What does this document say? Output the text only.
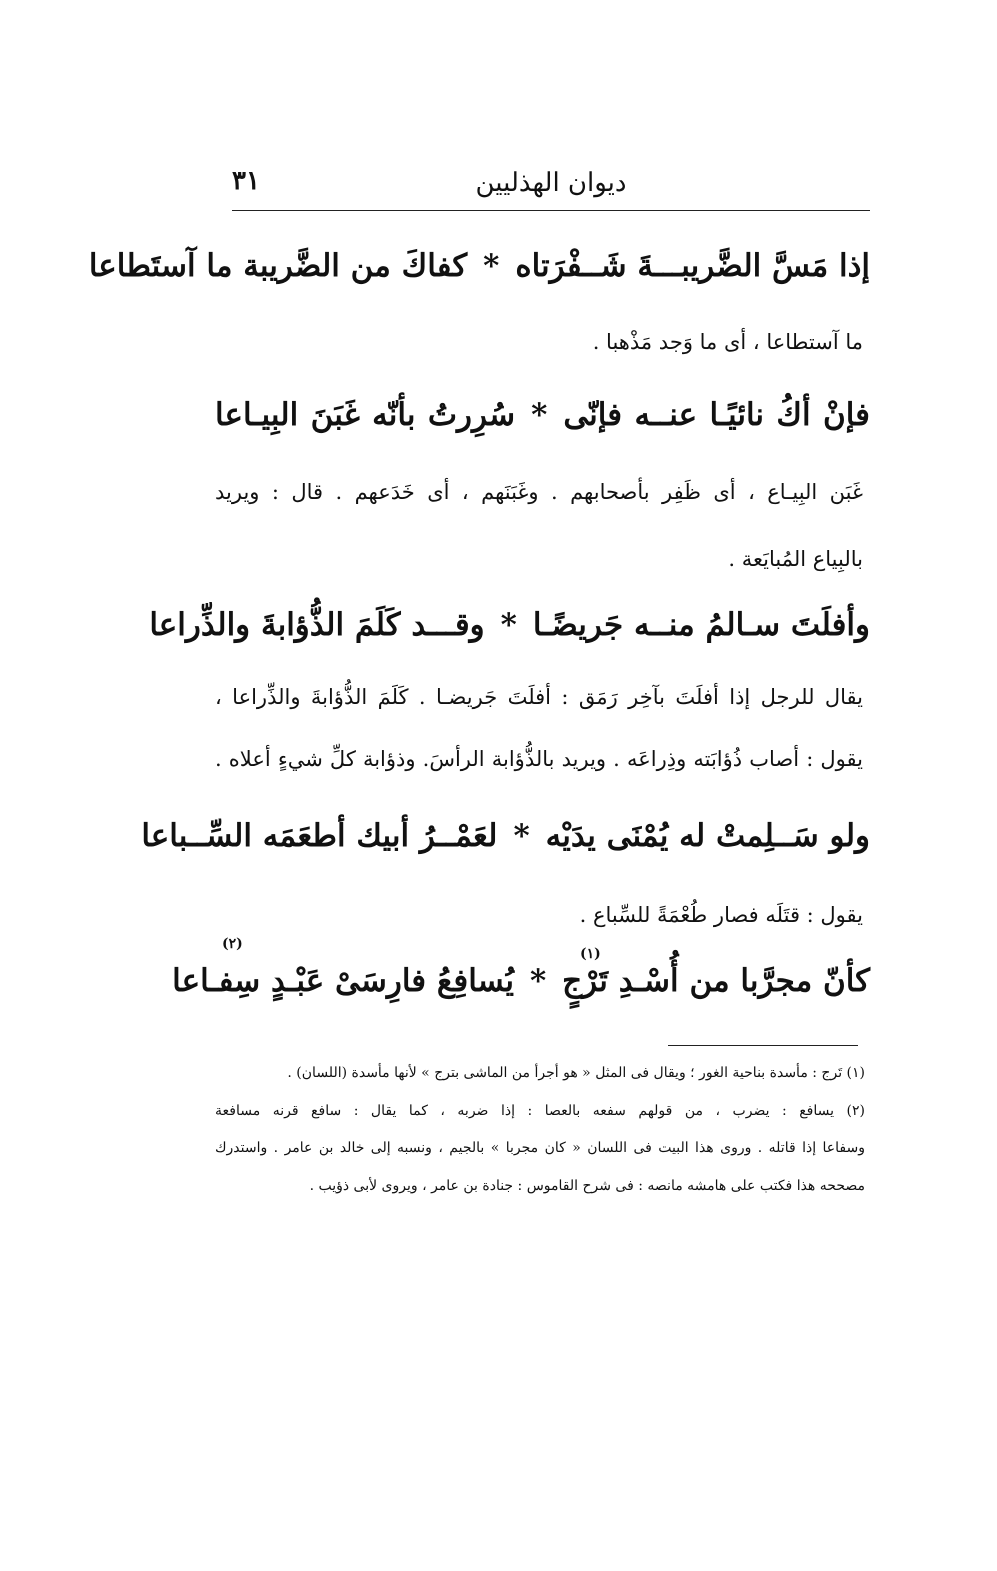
٣١	ديوان الهذليين
إذا مَسَّ الضَّريبـــةَ شَــفْرَتاه*كفاكَ من الضَّريبة ما آستَطاعا
ما آستطاعا ، أى ما وَجد مَذْهبا .
فإنْ أكُ نائيًـا عنــه فإنّى*سُرِرتُ بأنّه غَبَنَ البِيـاعا
غَبَن البِيـاع ، أى ظَفِر بأصحابهم . وغَبَنَهم ، أى خَدَعهم . قال : ويريد
بالبِياع المُبايَعة .
وأفلَتَ سـالمُ منــه جَريضًـا*وقـــد كَلَمَ الذُّؤابةَ والذِّراعا
يقال للرجل إذا أفلَتَ بآخِر رَمَق : أفلَتَ جَريضـا . كَلَمَ الذُّؤابةَ والذِّراعا ،
يقول : أصاب ذُؤابَته وذِراعَه . ويريد بالذُّؤابة الرأسَ. وذؤابة كلِّ شيءٍ أعلاه .
ولو سَــلِمتْ له يُمْنَى يدَيْه*لعَمْــرُ أبيك أطعَمَه السِّــباعا
يقول : قتَلَه فصار طُعْمَةً للسِّباع .
(١)
(٢)
كأنّ مجرَّبا من أُسْـدِ تَرْجٍ*يُسافِعُ فارِسَىْ عَبْـدٍ سِفـاعا
(١) تَرج : مأسدة بناحية الغور ؛ ويقال فى المثل « هو أجرأ من الماشى بترج » لأنها مأسدة (اللسان) .
(٢) يسافع : يضرب ، من قولهم سفعه بالعصا : إذا ضربه ، كما يقال : سافع قرنه مسافعة
وسفاعا إذا قاتله . وروى هذا البيت فى اللسان « كان مجربا » بالجيم ، ونسبه إلى خالد بن عامر . واستدرك
مصححه هذا فكتب على هامشه مانصه : فى شرح القاموس : جنادة بن عامر ، ويروى لأبى ذؤيب .
